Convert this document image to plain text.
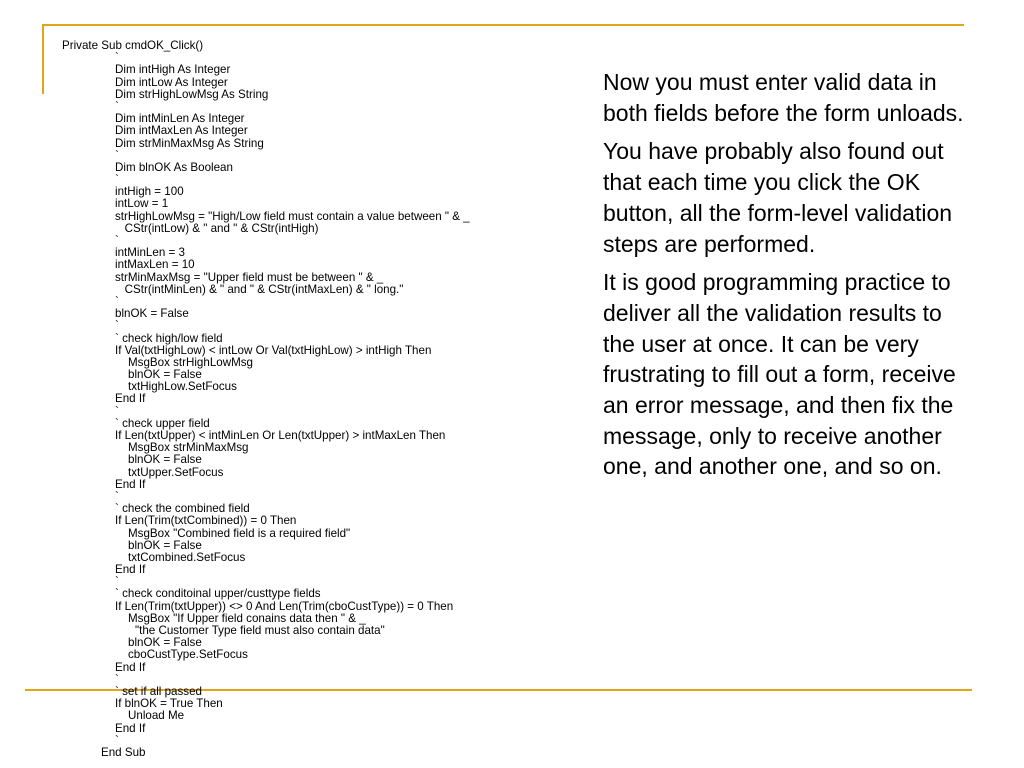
Private Sub cmdOK_Click()
`
Dim intHigh As Integer
Dim intLow As Integer
Dim strHighLowMsg As String
`
Dim intMinLen As Integer
Dim intMaxLen As Integer
Dim strMinMaxMsg As String
`
Dim blnOK As Boolean
`
intHigh = 100
intLow = 1
strHighLowMsg = "High/Low field must contain a value between " & _
CStr(intLow) & " and " & CStr(intHigh)
`
intMinLen = 3
intMaxLen = 10
strMinMaxMsg = "Upper field must be between " & _
CStr(intMinLen) & " and " & CStr(intMaxLen) & " long."
`
blnOK = False
`
` check high/low field
If Val(txtHighLow) < intLow Or Val(txtHighLow) > intHigh Then
MsgBox strHighLowMsg
blnOK = False
txtHighLow.SetFocus
End If
`
` check upper field
If Len(txtUpper) < intMinLen Or Len(txtUpper) > intMaxLen Then
MsgBox strMinMaxMsg
blnOK = False
txtUpper.SetFocus
End If
`
` check the combined field
If Len(Trim(txtCombined)) = 0 Then
MsgBox "Combined field is a required field"
blnOK = False
txtCombined.SetFocus
End If
`
` check conditoinal upper/custtype fields
If Len(Trim(txtUpper)) <> 0 And Len(Trim(cboCustType)) = 0 Then
MsgBox "If Upper field conains data then " & _
"the Customer Type field must also contain data"
blnOK = False
cboCustType.SetFocus
End If
`
` set if all passed
If blnOK = True Then
Unload Me
End If
`
End Sub

Now you must enter valid data in both fields before the form unloads.

You have probably also found out that each time you click the OK button, all the form-level validation steps are performed.

It is good programming practice to deliver all the validation results to the user at once. It can be very frustrating to fill out a form, receive an error message, and then fix the message, only to receive another one, and another one, and so on.
